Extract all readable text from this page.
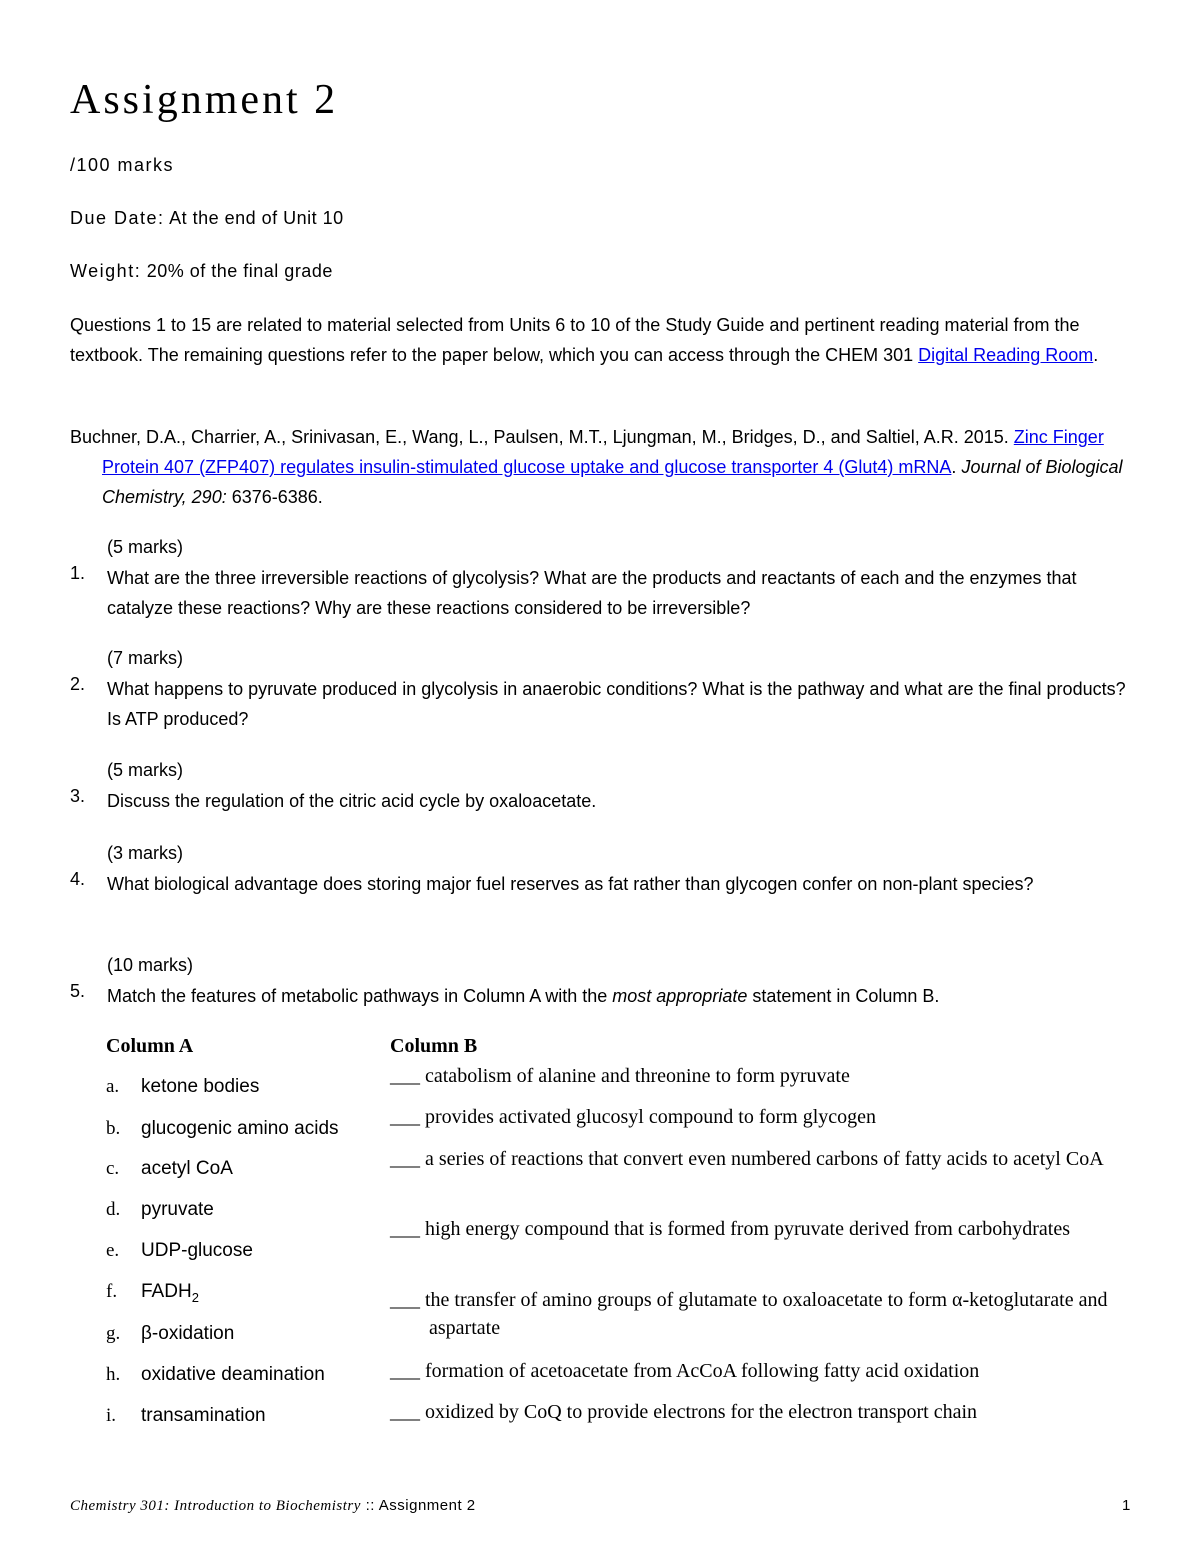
Assignment 2
/100 marks
Due Date: At the end of Unit 10
Weight: 20% of the final grade

Questions 1 to 15 are related to material selected from Units 6 to 10 of the Study Guide and pertinent reading material from the textbook. The remaining questions refer to the paper below, which you can access through the CHEM 301 Digital Reading Room.

Buchner, D.A., Charrier, A., Srinivasan, E., Wang, L., Paulsen, M.T., Ljungman, M., Bridges, D., and Saltiel, A.R. 2015. Zinc Finger Protein 407 (ZFP407) regulates insulin-stimulated glucose uptake and glucose transporter 4 (Glut4) mRNA. Journal of Biological Chemistry, 290: 6376-6386.

(5 marks)
1. What are the three irreversible reactions of glycolysis? What are the products and reactants of each and the enzymes that catalyze these reactions? Why are these reactions considered to be irreversible?

(7 marks)
2. What happens to pyruvate produced in glycolysis in anaerobic conditions? What is the pathway and what are the final products? Is ATP produced?

(5 marks)
3. Discuss the regulation of the citric acid cycle by oxaloacetate.

(3 marks)
4. What biological advantage does storing major fuel reserves as fat rather than glycogen confer on non-plant species?

(10 marks)
5. Match the features of metabolic pathways in Column A with the most appropriate statement in Column B.

Column A	Column B
a. ketone bodies
b. glucogenic amino acids
c. acetyl CoA
d. pyruvate
e. UDP-glucose
f. $FADH_2$
g. β-oxidation
h. oxidative deamination
i. transamination

___ catabolism of alanine and threonine to form pyruvate

___ provides activated glucosyl compound to form glycogen

___ a series of reactions that convert even numbered carbons of fatty acids to acetyl CoA

___ high energy compound that is formed from pyruvate derived from carbohydrates

___ the transfer of amino groups of glutamate to oxaloacetate to form α-ketoglutarate and aspartate

___ formation of acetoacetate from AcCoA following fatty acid oxidation

___ oxidized by CoQ to provide electrons for the electron transport chain

Chemistry 301: Introduction to Biochemistry :: Assignment 2	1
